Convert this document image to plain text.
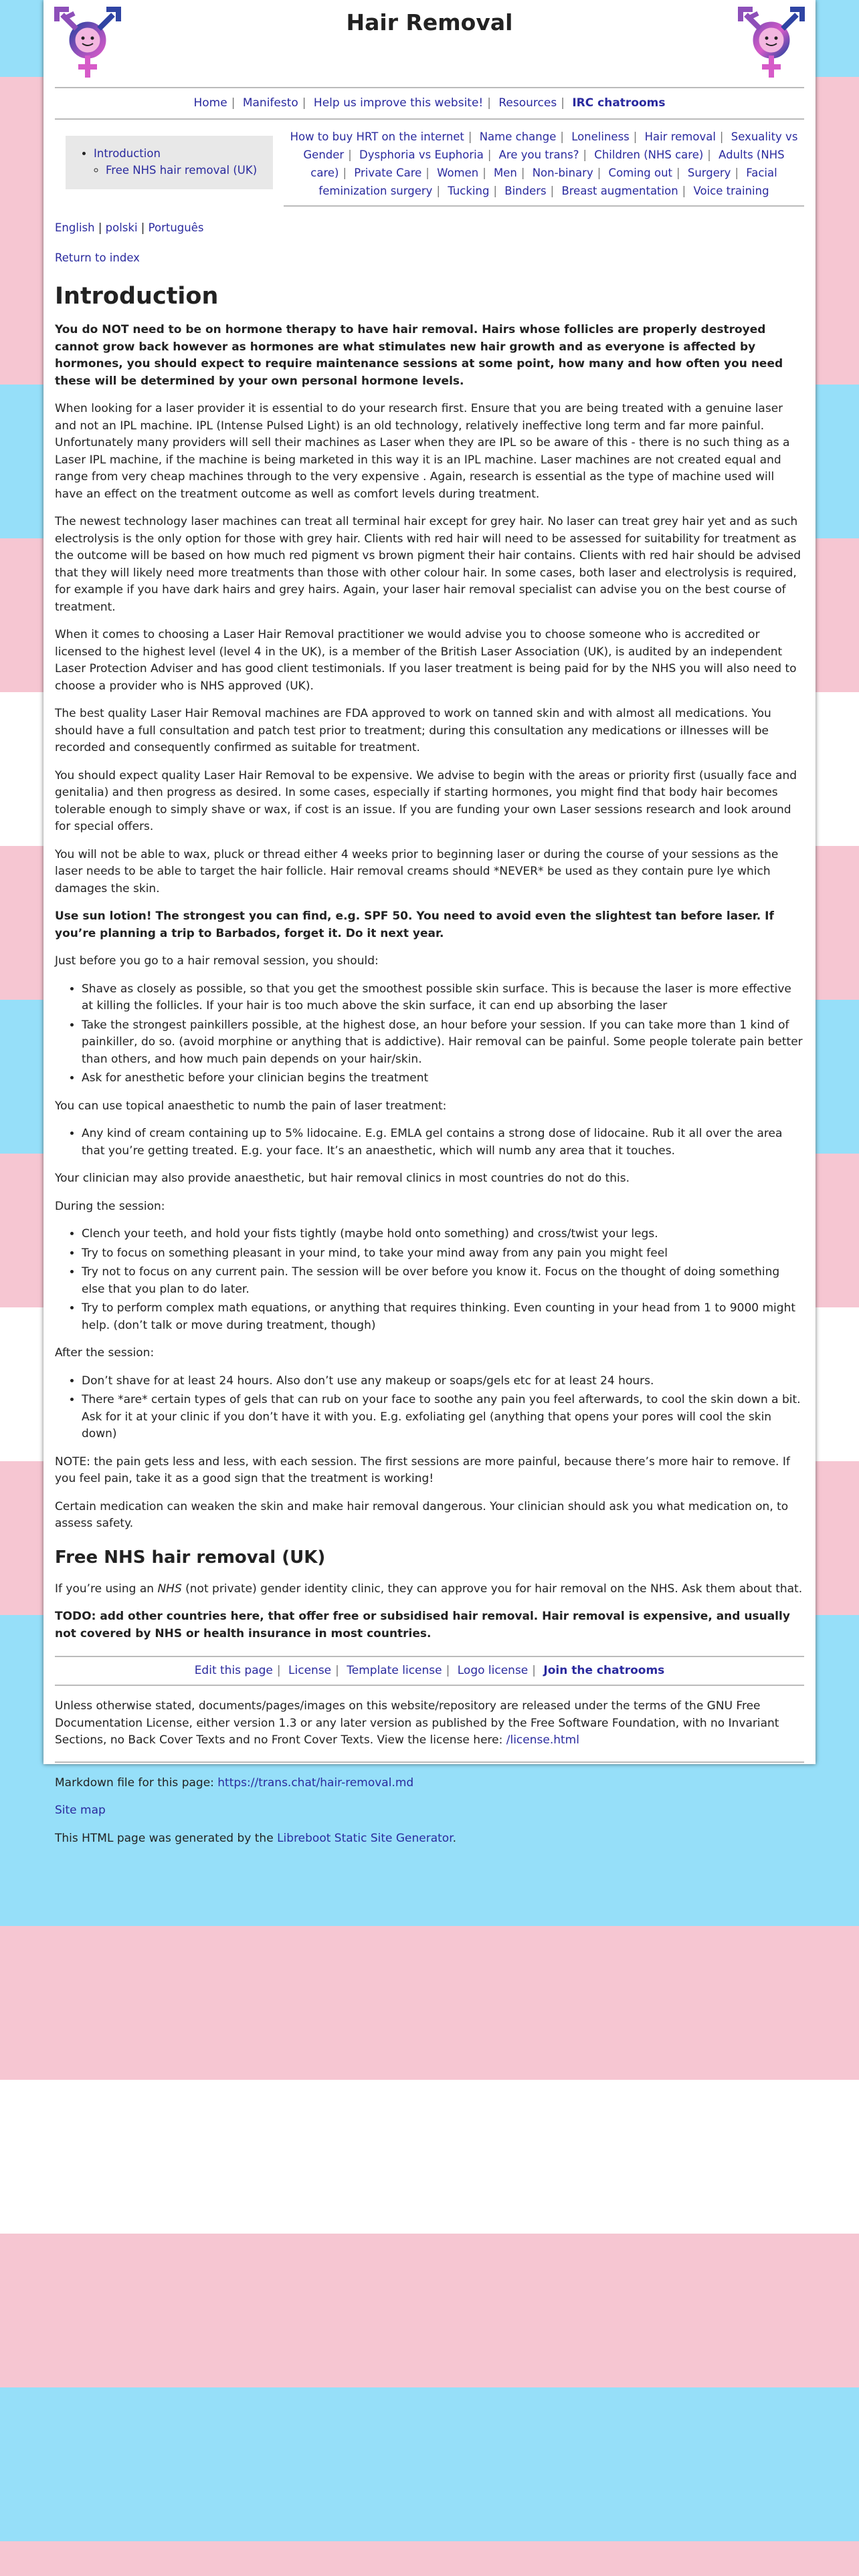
Hair Removal
Home | Manifesto | Help us improve this website! | Resources | IRC chatrooms
• Introduction
◦ Free NHS hair removal (UK)
How to buy HRT on the internet | Name change | Loneliness | Hair removal | Sexuality vs Gender | Dysphoria vs Euphoria | Are you trans? | Children (NHS care) | Adults (NHS care) | Private Care | Women | Men | Non-binary | Coming out | Surgery | Facial feminization surgery | Tucking | Binders | Breast augmentation | Voice training
English | polski | Português
Return to index
Introduction

You do NOT need to be on hormone therapy to have hair removal. Hairs whose follicles are properly destroyed cannot grow back however as hormones are what stimulates new hair growth and as everyone is affected by hormones, you should expect to require maintenance sessions at some point, how many and how often you need these will be determined by your own personal hormone levels.

When looking for a laser provider it is essential to do your research first. Ensure that you are being treated with a genuine laser and not an IPL machine. IPL (Intense Pulsed Light) is an old technology, relatively ineffective long term and far more painful. Unfortunately many providers will sell their machines as Laser when they are IPL so be aware of this - there is no such thing as a Laser IPL machine, if the machine is being marketed in this way it is an IPL machine. Laser machines are not created equal and range from very cheap machines through to the very expensive . Again, research is essential as the type of machine used will have an effect on the treatment outcome as well as comfort levels during treatment.

The newest technology laser machines can treat all terminal hair except for grey hair. No laser can treat grey hair yet and as such electrolysis is the only option for those with grey hair. Clients with red hair will need to be assessed for suitability for treatment as the outcome will be based on how much red pigment vs brown pigment their hair contains. Clients with red hair should be advised that they will likely need more treatments than those with other colour hair. In some cases, both laser and electrolysis is required, for example if you have dark hairs and grey hairs. Again, your laser hair removal specialist can advise you on the best course of treatment.

When it comes to choosing a Laser Hair Removal practitioner we would advise you to choose someone who is accredited or licensed to the highest level (level 4 in the UK), is a member of the British Laser Association (UK), is audited by an independent Laser Protection Adviser and has good client testimonials. If you laser treatment is being paid for by the NHS you will also need to choose a provider who is NHS approved (UK).

The best quality Laser Hair Removal machines are FDA approved to work on tanned skin and with almost all medications. You should have a full consultation and patch test prior to treatment; during this consultation any medications or illnesses will be recorded and consequently confirmed as suitable for treatment.

You should expect quality Laser Hair Removal to be expensive. We advise to begin with the areas or priority first (usually face and genitalia) and then progress as desired. In some cases, especially if starting hormones, you might find that body hair becomes tolerable enough to simply shave or wax, if cost is an issue. If you are funding your own Laser sessions research and look around for special offers.

You will not be able to wax, pluck or thread either 4 weeks prior to beginning laser or during the course of your sessions as the laser needs to be able to target the hair follicle. Hair removal creams should *NEVER* be used as they contain pure lye which damages the skin.

Use sun lotion! The strongest you can find, e.g. SPF 50. You need to avoid even the slightest tan before laser. If you’re planning a trip to Barbados, forget it. Do it next year.

Just before you go to a hair removal session, you should:

• Shave as closely as possible, so that you get the smoothest possible skin surface. This is because the laser is more effective at killing the follicles. If your hair is too much above the skin surface, it can end up absorbing the laser
• Take the strongest painkillers possible, at the highest dose, an hour before your session. If you can take more than 1 kind of painkiller, do so. (avoid morphine or anything that is addictive). Hair removal can be painful. Some people tolerate pain better than others, and how much pain depends on your hair/skin.
• Ask for anesthetic before your clinician begins the treatment

You can use topical anaesthetic to numb the pain of laser treatment:

• Any kind of cream containing up to 5% lidocaine. E.g. EMLA gel contains a strong dose of lidocaine. Rub it all over the area that you’re getting treated. E.g. your face. It’s an anaesthetic, which will numb any area that it touches.

Your clinician may also provide anaesthetic, but hair removal clinics in most countries do not do this.

During the session:

• Clench your teeth, and hold your fists tightly (maybe hold onto something) and cross/twist your legs.
• Try to focus on something pleasant in your mind, to take your mind away from any pain you might feel
• Try not to focus on any current pain. The session will be over before you know it. Focus on the thought of doing something else that you plan to do later.
• Try to perform complex math equations, or anything that requires thinking. Even counting in your head from 1 to 9000 might help. (don’t talk or move during treatment, though)

After the session:

• Don’t shave for at least 24 hours. Also don’t use any makeup or soaps/gels etc for at least 24 hours.
• There *are* certain types of gels that can rub on your face to soothe any pain you feel afterwards, to cool the skin down a bit. Ask for it at your clinic if you don’t have it with you. E.g. exfoliating gel (anything that opens your pores will cool the skin down)

NOTE: the pain gets less and less, with each session. The first sessions are more painful, because there’s more hair to remove. If you feel pain, take it as a good sign that the treatment is working!

Certain medication can weaken the skin and make hair removal dangerous. Your clinician should ask you what medication on, to assess safety.

Free NHS hair removal (UK)

If you’re using an NHS (not private) gender identity clinic, they can approve you for hair removal on the NHS. Ask them about that.

TODO: add other countries here, that offer free or subsidised hair removal. Hair removal is expensive, and usually not covered by NHS or health insurance in most countries.

Edit this page | License | Template license | Logo license | Join the chatrooms

Unless otherwise stated, documents/pages/images on this website/repository are released under the terms of the GNU Free Documentation License, either version 1.3 or any later version as published by the Free Software Foundation, with no Invariant Sections, no Back Cover Texts and no Front Cover Texts. View the license here: /license.html

Markdown file for this page: https://trans.chat/hair-removal.md

Site map

This HTML page was generated by the Libreboot Static Site Generator.
